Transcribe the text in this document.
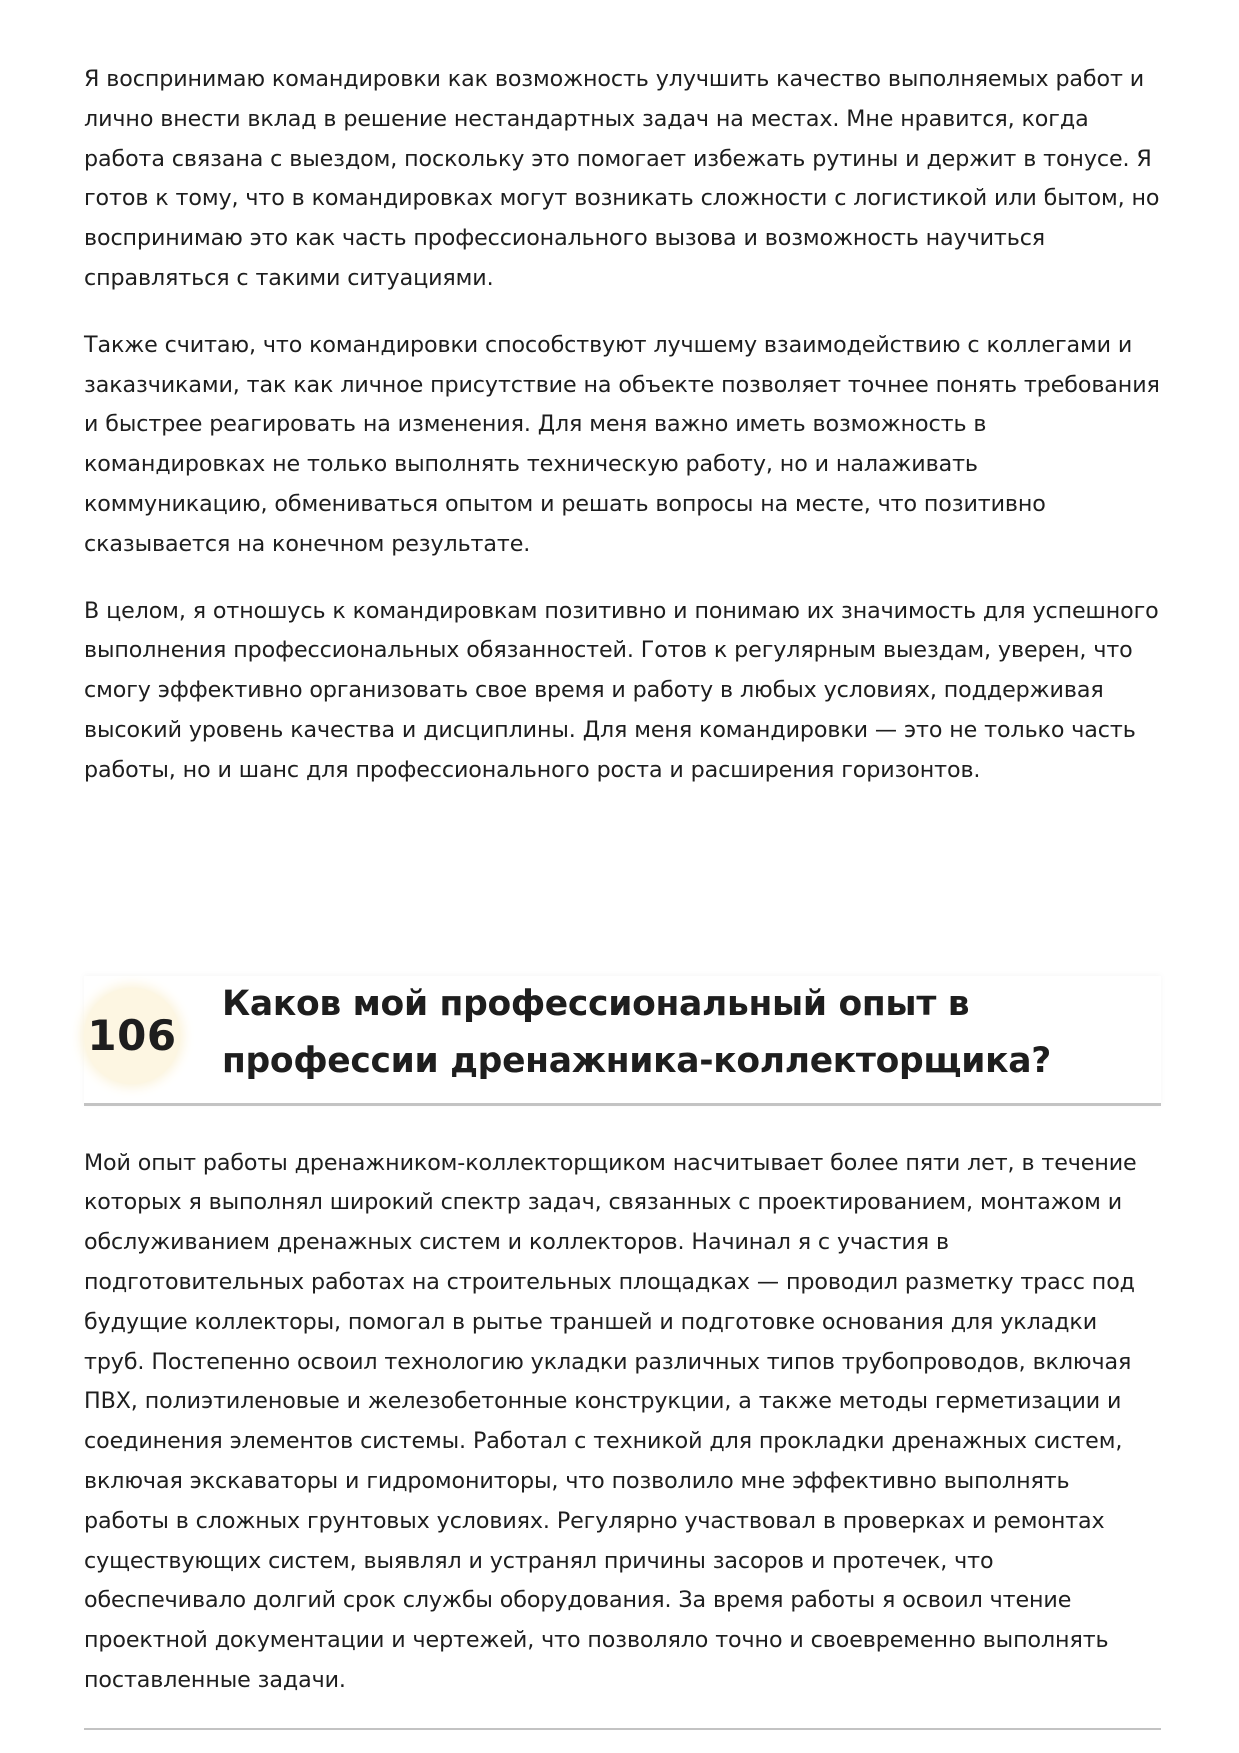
Я воспринимаю командировки как возможность улучшить качество выполняемых работ и лично внести вклад в решение нестандартных задач на местах. Мне нравится, когда работа связана с выездом, поскольку это помогает избежать рутины и держит в тонусе. Я готов к тому, что в командировках могут возникать сложности с логистикой или бытом, но воспринимаю это как часть профессионального вызова и возможность научиться справляться с такими ситуациями.

Также считаю, что командировки способствуют лучшему взаимодействию с коллегами и заказчиками, так как личное присутствие на объекте позволяет точнее понять требования и быстрее реагировать на изменения. Для меня важно иметь возможность в командировках не только выполнять техническую работу, но и налаживать коммуникацию, обмениваться опытом и решать вопросы на месте, что позитивно сказывается на конечном результате.

В целом, я отношусь к командировкам позитивно и понимаю их значимость для успешного выполнения профессиональных обязанностей. Готов к регулярным выездам, уверен, что смогу эффективно организовать свое время и работу в любых условиях, поддерживая высокий уровень качества и дисциплины. Для меня командировки — это не только часть работы, но и шанс для профессионального роста и расширения горизонтов.

106
Каков мой профессиональный опыт в профессии дренажника-коллекторщика?

Мой опыт работы дренажником-коллекторщиком насчитывает более пяти лет, в течение которых я выполнял широкий спектр задач, связанных с проектированием, монтажом и обслуживанием дренажных систем и коллекторов. Начинал я с участия в подготовительных работах на строительных площадках — проводил разметку трасс под будущие коллекторы, помогал в рытье траншей и подготовке основания для укладки труб. Постепенно освоил технологию укладки различных типов трубопроводов, включая ПВХ, полиэтиленовые и железобетонные конструкции, а также методы герметизации и соединения элементов системы. Работал с техникой для прокладки дренажных систем, включая экскаваторы и гидромониторы, что позволило мне эффективно выполнять работы в сложных грунтовых условиях. Регулярно участвовал в проверках и ремонтах существующих систем, выявлял и устранял причины засоров и протечек, что обеспечивало долгий срок службы оборудования. За время работы я освоил чтение проектной документации и чертежей, что позволяло точно и своевременно выполнять поставленные задачи.
